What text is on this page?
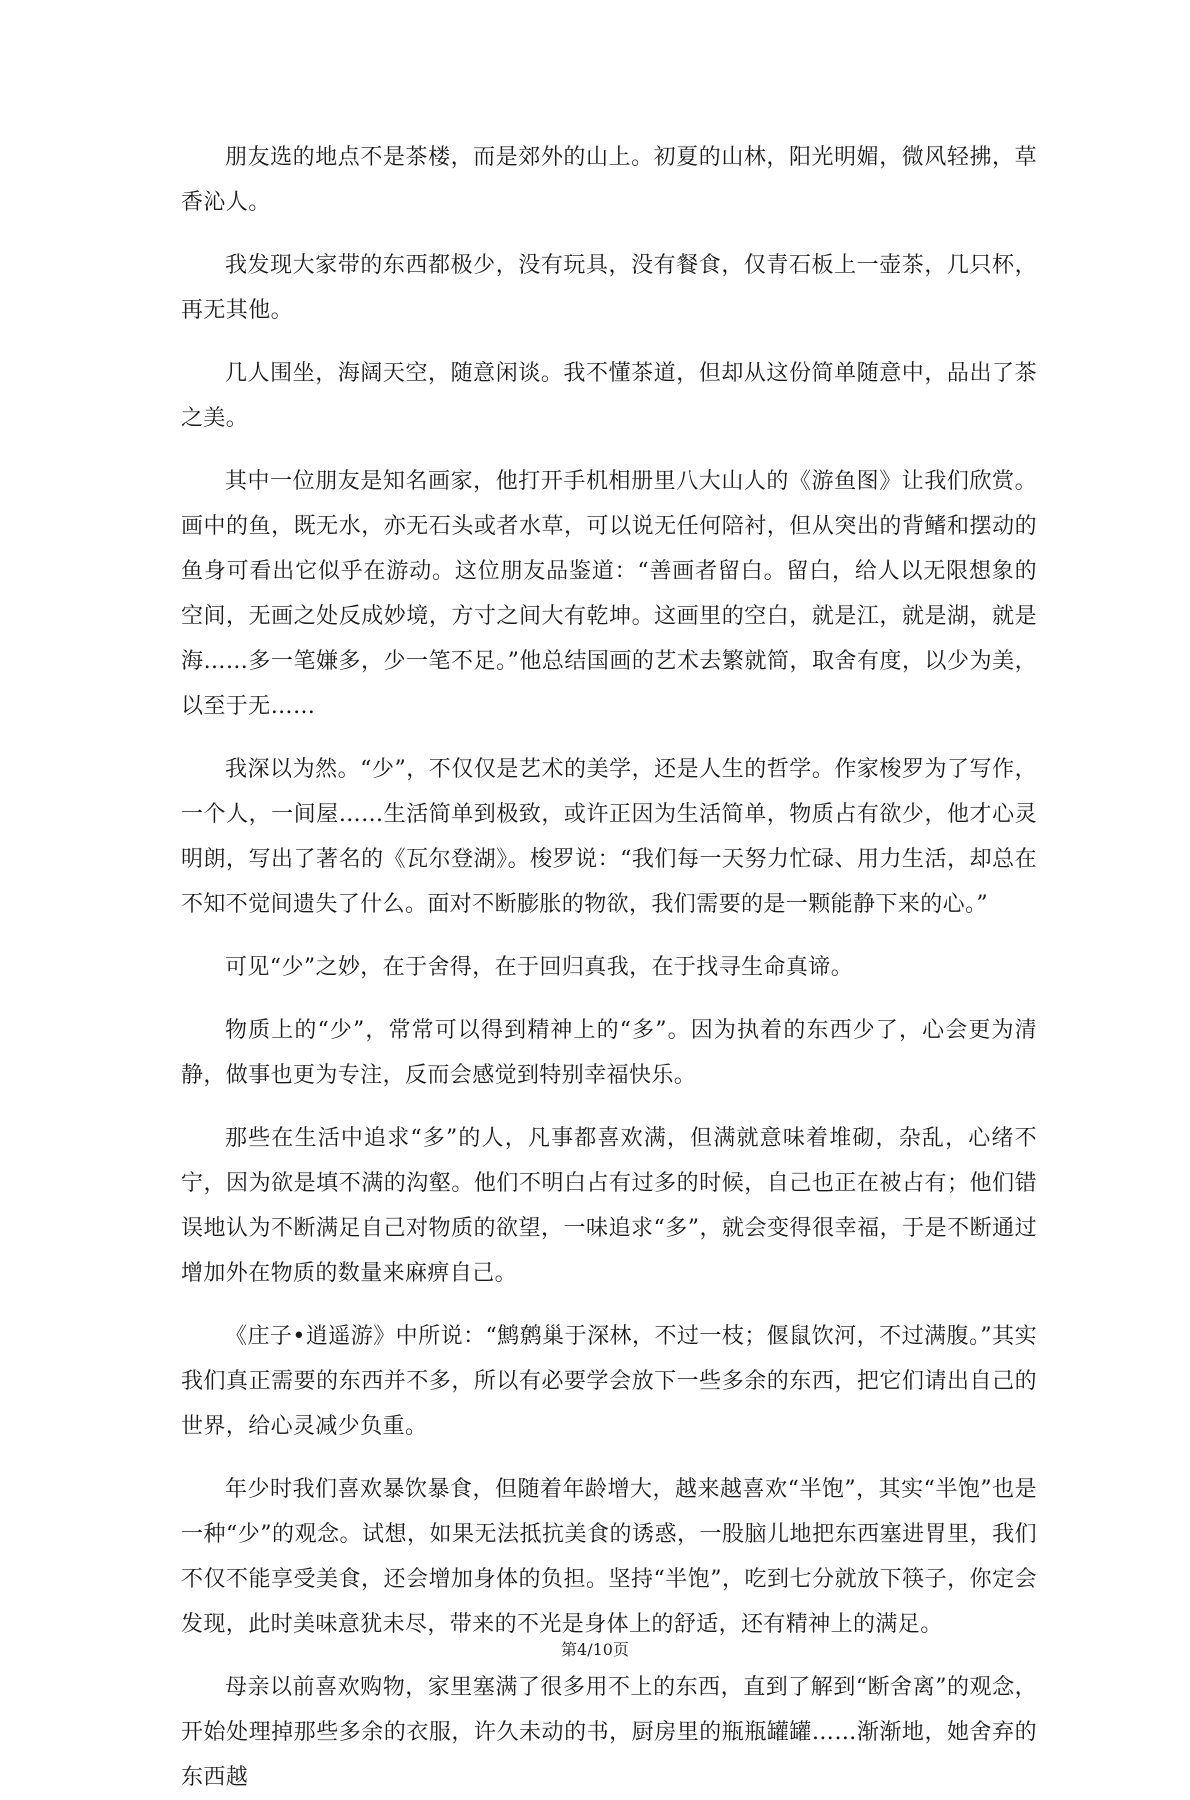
朋友选的地点不是茶楼，而是郊外的山上。初夏的山林，阳光明媚，微风轻拂，草香沁人。

我发现大家带的东西都极少，没有玩具，没有餐食，仅青石板上一壶茶，几只杯，再无其他。

几人围坐，海阔天空，随意闲谈。我不懂茶道，但却从这份简单随意中，品出了茶之美。

其中一位朋友是知名画家，他打开手机相册里八大山人的《游鱼图》让我们欣赏。画中的鱼，既无水，亦无石头或者水草，可以说无任何陪衬，但从突出的背鳍和摆动的鱼身可看出它似乎在游动。这位朋友品鉴道：“善画者留白。留白，给人以无限想象的空间，无画之处反成妙境，方寸之间大有乾坤。这画里的空白，就是江，就是湖，就是海……多一笔嫌多，少一笔不足。”他总结国画的艺术去繁就简，取舍有度，以少为美，以至于无……

我深以为然。“少”，不仅仅是艺术的美学，还是人生的哲学。作家梭罗为了写作，一个人，一间屋……生活简单到极致，或许正因为生活简单，物质占有欲少，他才心灵明朗，写出了著名的《瓦尔登湖》。梭罗说：“我们每一天努力忙碌、用力生活，却总在不知不觉间遗失了什么。面对不断膨胀的物欲，我们需要的是一颗能静下来的心。”

可见“少”之妙，在于舍得，在于回归真我，在于找寻生命真谛。

物质上的“少”，常常可以得到精神上的“多”。因为执着的东西少了，心会更为清静，做事也更为专注，反而会感觉到特别幸福快乐。

那些在生活中追求“多”的人，凡事都喜欢满，但满就意味着堆砌，杂乱，心绪不宁，因为欲是填不满的沟壑。他们不明白占有过多的时候，自己也正在被占有；他们错误地认为不断满足自己对物质的欲望，一味追求“多”，就会变得很幸福，于是不断通过增加外在物质的数量来麻痹自己。

《庄子•逍遥游》中所说：“鹪鹩巢于深林，不过一枝；偃鼠饮河，不过满腹。”其实我们真正需要的东西并不多，所以有必要学会放下一些多余的东西，把它们请出自己的世界，给心灵减少负重。

年少时我们喜欢暴饮暴食，但随着年龄增大，越来越喜欢“半饱”，其实“半饱”也是一种“少”的观念。试想，如果无法抵抗美食的诱惑，一股脑儿地把东西塞进胃里，我们不仅不能享受美食，还会增加身体的负担。坚持“半饱”，吃到七分就放下筷子，你定会发现，此时美味意犹未尽，带来的不光是身体上的舒适，还有精神上的满足。

母亲以前喜欢购物，家里塞满了很多用不上的东西，直到了解到“断舍离”的观念，开始处理掉那些多余的衣服，许久未动的书，厨房里的瓶瓶罐罐……渐渐地，她舍弃的东西越

第4/10页
